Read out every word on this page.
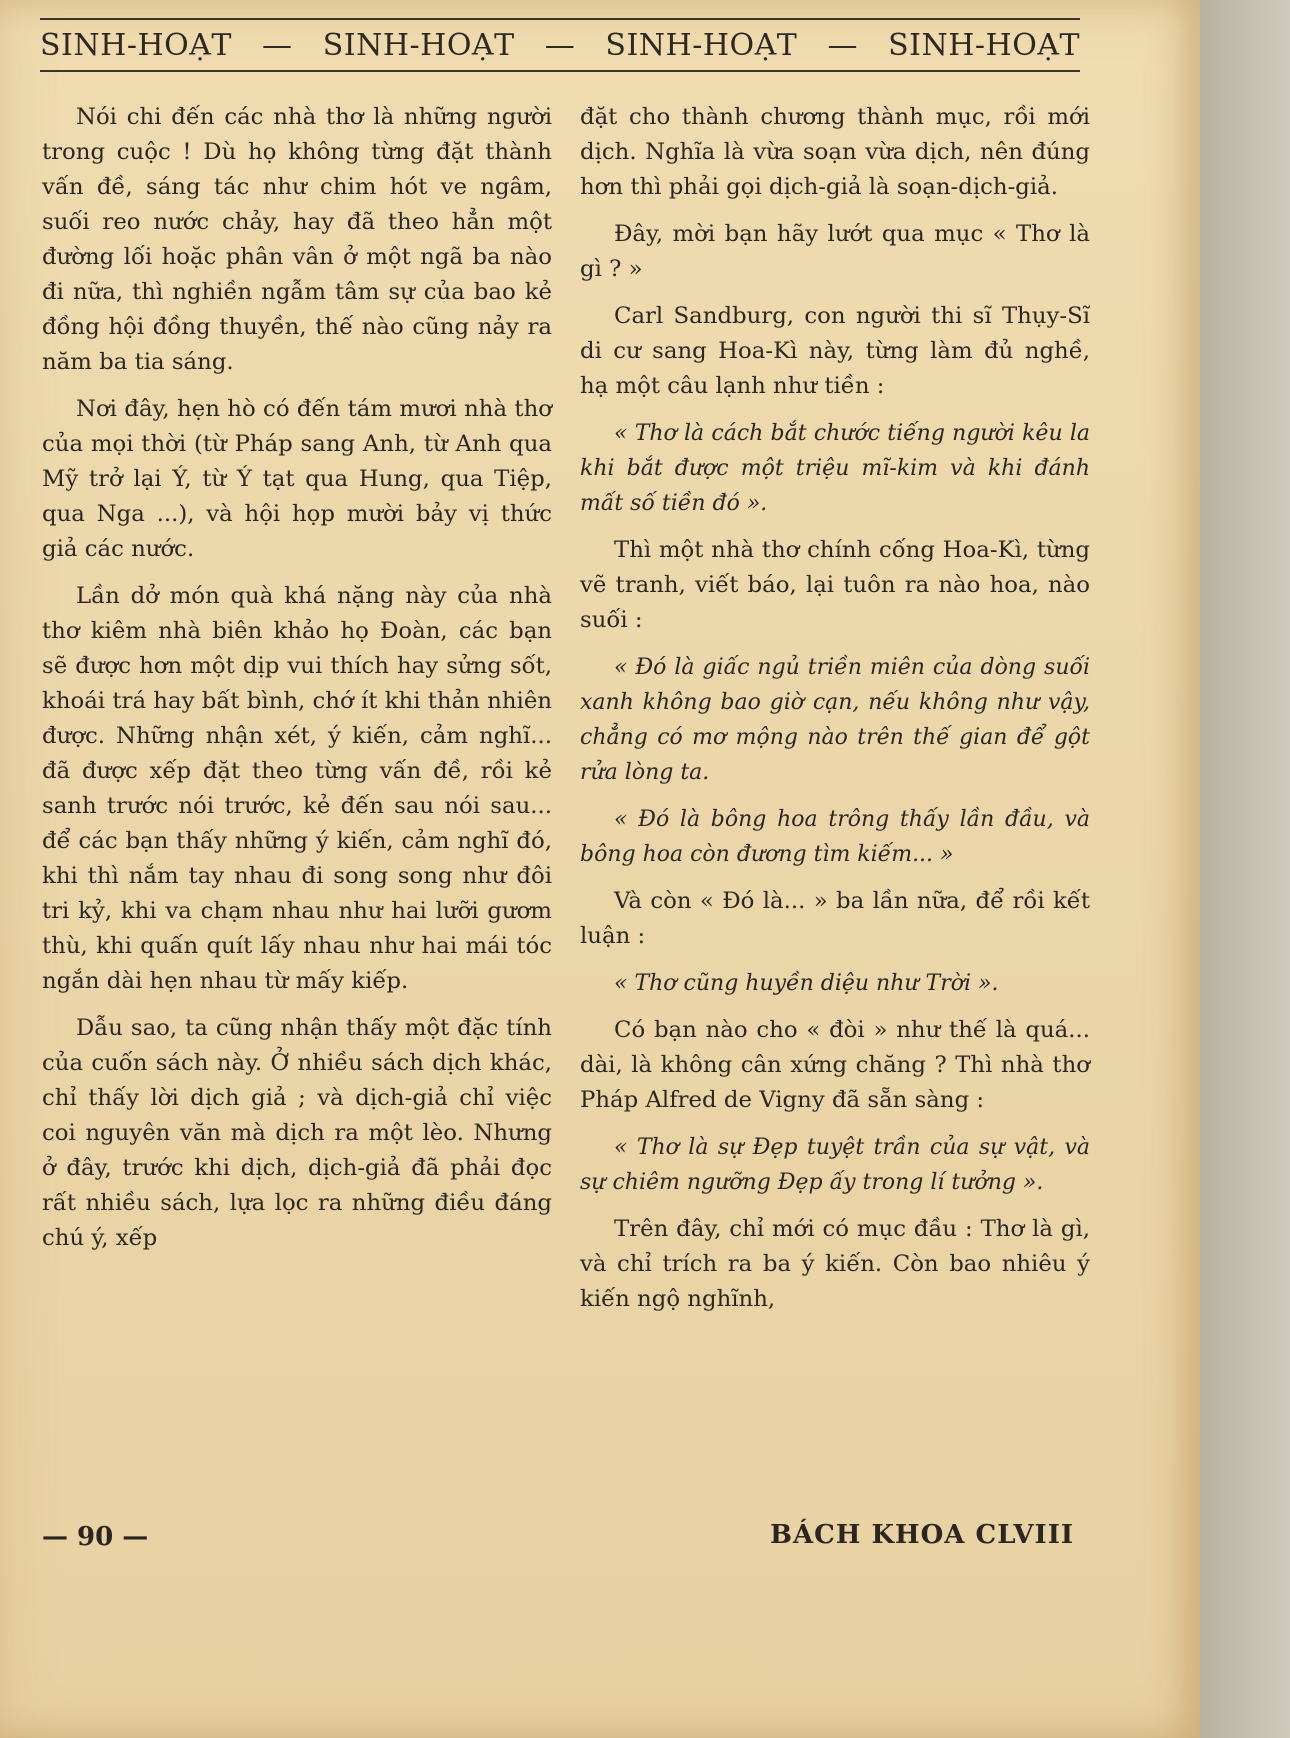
SINH-HOẠT — SINH-HOẠT — SINH-HOẠT — SINH-HOẠT

Nói chi đến các nhà thơ là những người trong cuộc ! Dù họ không từng đặt thành vấn đề, sáng tác như chim hót ve ngâm, suối reo nước chảy, hay đã theo hẳn một đường lối hoặc phân vân ở một ngã ba nào đi nữa, thì nghiền ngẫm tâm sự của bao kẻ đồng hội đồng thuyền, thế nào cũng nảy ra năm ba tia sáng.

Nơi đây, hẹn hò có đến tám mươi nhà thơ của mọi thời (từ Pháp sang Anh, từ Anh qua Mỹ trở lại Ý, từ Ý tạt qua Hung, qua Tiệp, qua Nga ...), và hội họp mười bảy vị thức giả các nước.

Lần dở món quà khá nặng này của nhà thơ kiêm nhà biên khảo họ Đoàn, các bạn sẽ được hơn một dịp vui thích hay sửng sốt, khoái trá hay bất bình, chớ ít khi thản nhiên được. Những nhận xét, ý kiến, cảm nghĩ... đã được xếp đặt theo từng vấn đề, rồi kẻ sanh trước nói trước, kẻ đến sau nói sau... để các bạn thấy những ý kiến, cảm nghĩ đó, khi thì nắm tay nhau đi song song như đôi tri kỷ, khi va chạm nhau như hai lưỡi gươm thù, khi quấn quít lấy nhau như hai mái tóc ngắn dài hẹn nhau từ mấy kiếp.

Dẫu sao, ta cũng nhận thấy một đặc tính của cuốn sách này. Ở nhiều sách dịch khác, chỉ thấy lời dịch giả ; và dịch-giả chỉ việc coi nguyên văn mà dịch ra một lèo. Nhưng ở đây, trước khi dịch, dịch-giả đã phải đọc rất nhiều sách, lựa lọc ra những điều đáng chú ý, xếp

đặt cho thành chương thành mục, rồi mới dịch. Nghĩa là vừa soạn vừa dịch, nên đúng hơn thì phải gọi dịch-giả là soạn-dịch-giả.

Đây, mời bạn hãy lướt qua mục « Thơ là gì ? »

Carl Sandburg, con người thi sĩ Thụy-Sĩ di cư sang Hoa-Kì này, từng làm đủ nghề, hạ một câu lạnh như tiền :

« Thơ là cách bắt chước tiếng người kêu la khi bắt được một triệu mĩ-kim và khi đánh mất số tiền đó ».

Thì một nhà thơ chính cống Hoa-Kì, từng vẽ tranh, viết báo, lại tuôn ra nào hoa, nào suối :

« Đó là giấc ngủ triền miên của dòng suối xanh không bao giờ cạn, nếu không như vậy, chẳng có mơ mộng nào trên thế gian để gột rửa lòng ta.

« Đó là bông hoa trông thấy lần đầu, và bông hoa còn đương tìm kiếm... »

Và còn « Đó là... » ba lần nữa, để rồi kết luận :

« Thơ cũng huyền diệu như Trời ».

Có bạn nào cho « đòi » như thế là quá... dài, là không cân xứng chăng ? Thì nhà thơ Pháp Alfred de Vigny đã sẵn sàng :

« Thơ là sự Đẹp tuyệt trần của sự vật, và sự chiêm ngưỡng Đẹp ấy trong lí tưởng ».

Trên đây, chỉ mới có mục đầu : Thơ là gì, và chỉ trích ra ba ý kiến. Còn bao nhiêu ý kiến ngộ nghĩnh,

— 90 —	BÁCH KHOA CLVIII
